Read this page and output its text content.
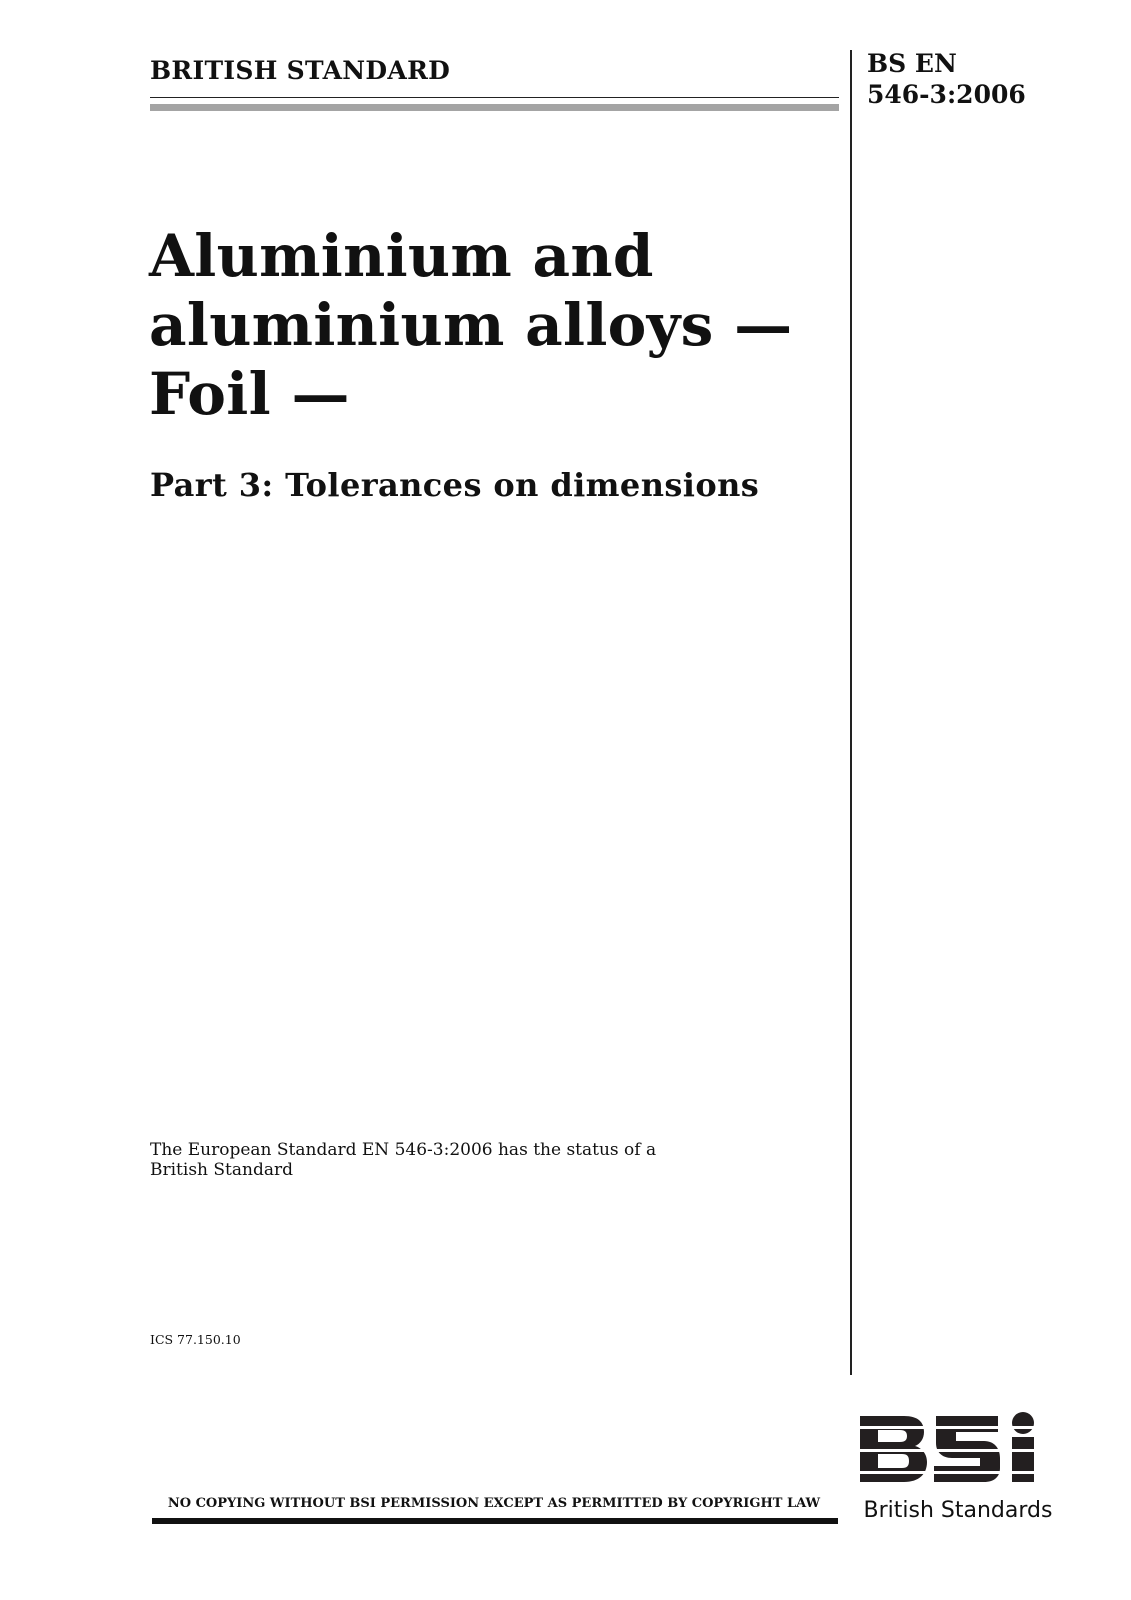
BRITISH STANDARD	BS EN
546-3:2006
Aluminium and
aluminium alloys —
Foil —
Part 3: Tolerances on dimensions
The European Standard EN 546-3:2006 has the status of a
British Standard
ICS 77.150.10
NO COPYING WITHOUT BSI PERMISSION EXCEPT AS PERMITTED BY COPYRIGHT LAW	British Standards
